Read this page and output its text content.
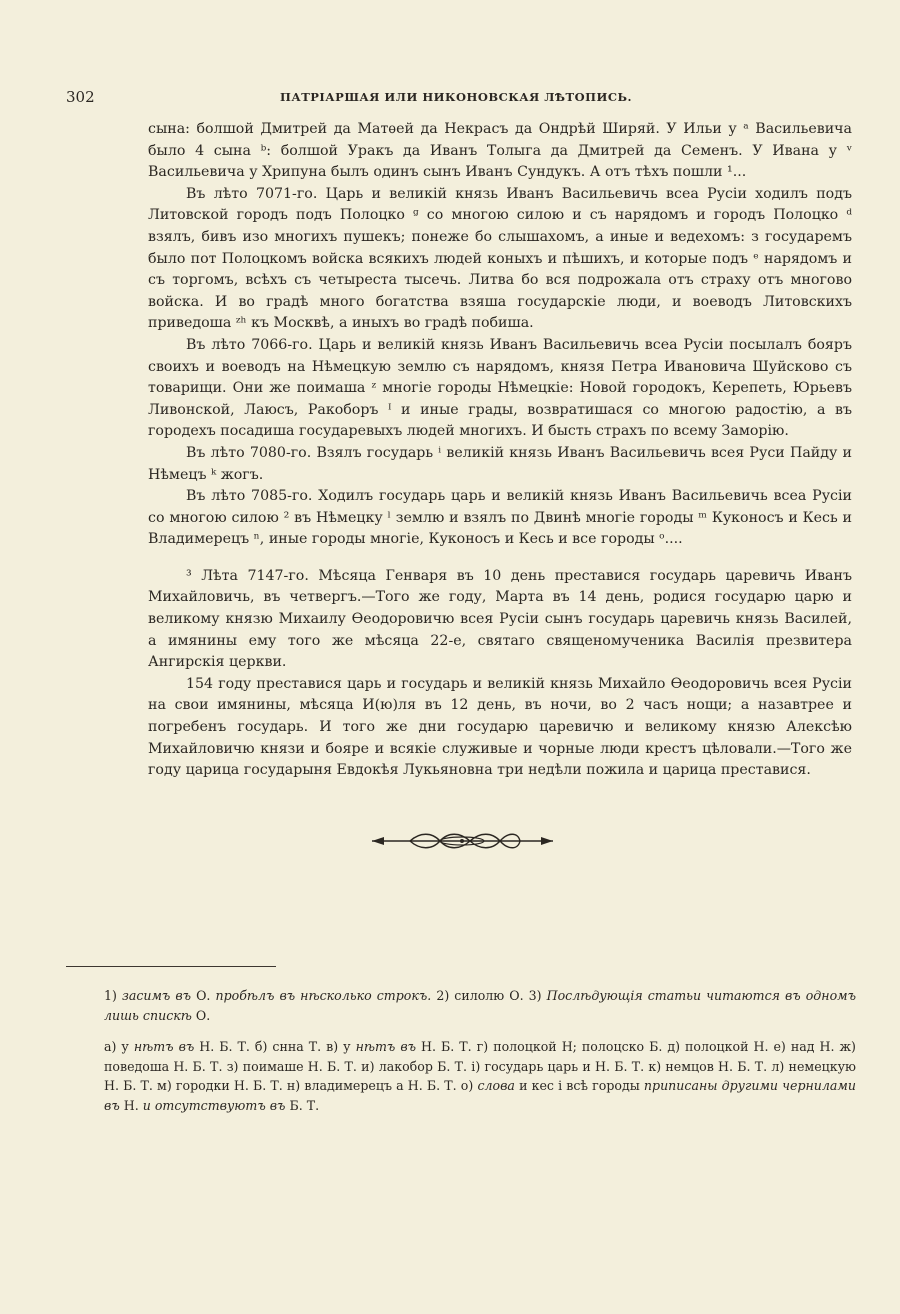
302	ПАТРІАРШАЯ ИЛИ НИКОНОВСКАЯ ЛѢТОПИСЬ.

сына: болшой Дмитрей да Матѳей да Некрасъ да Ондрѣй Ширяй. У Ильи у ᵃ Васильевича было 4 сына ᵇ: болшой Уракъ да Иванъ Толыга да Дмитрей да Семенъ. У Ивана у ᵛ Васильевича у Хрипуна былъ одинъ сынъ Иванъ Сундукъ. А отъ тѣхъ пошли ¹...

Въ лѣто 7071-го. Царь и великій князь Иванъ Васильевичь всеа Русіи ходилъ подъ Литовской городъ подъ Полоцко ᵍ со многою силою и съ нарядомъ и городъ Полоцко ᵈ взялъ, бивъ изо многихъ пушекъ; понеже бо слышахомъ, а иные и ведехомъ: з государемъ было пот Полоцкомъ войска всякихъ людей коныхъ и пѣшихъ, и которые подъ ᵉ нарядомъ и съ торгомъ, всѣхъ съ четыреста тысечь. Литва бо вся подрожала отъ страху отъ многово войска. И во градѣ много богатства взяша государскіе люди, и воеводъ Литовскихъ приведоша ᶻʰ къ Москвѣ, а иныхъ во градѣ побиша.

Въ лѣто 7066-го. Царь и великій князь Иванъ Васильевичь всеа Русіи посылалъ бояръ своихъ и воеводъ на Нѣмецкую землю съ нарядомъ, князя Петра Ивановича Шуйсково съ товарищи. Они же поимаша ᶻ многіе городы Нѣмецкіе: Новой городокъ, Керепеть, Юрьевъ Ливонской, Лаюсъ, Ракоборъ ᴵ и иные грады, возвратишася со многою радостію, а въ городехъ посадиша государевыхъ людей многихъ. И бысть страхъ по всему Заморію.

Въ лѣто 7080-го. Взялъ государь ⁱ великій князь Иванъ Васильевичь всея Руси Пайду и Нѣмецъ ᵏ жогъ.

Въ лѣто 7085-го. Ходилъ государь царь и великій князь Иванъ Васильевичь всеа Русіи со многою силою ² въ Нѣмецку ˡ землю и взялъ по Двинѣ многіе городы ᵐ Куконосъ и Кесь и Владимерецъ ⁿ, иные городы многіе, Куконосъ и Кесь и все городы ᵒ....

³ Лѣта 7147-го. Мѣсяца Генваря въ 10 день преставися государь царевичь Иванъ Михайловичь, въ четвергъ.—Того же году, Марта въ 14 день, родися государю царю и великому князю Михаилу Ѳеодоровичю всея Русіи сынъ государь царевичь князь Василей, а имянины ему того же мѣсяца 22-е, святаго священомученика Василія презвитера Ангирскія церкви.

154 году преставися царь и государь и великій князь Михайло Ѳеодоровичь всея Русіи на свои имянины, мѣсяца И(ю)ля въ 12 день, въ ночи, во 2 часъ нощи; а назавтрее и погребенъ государь. И того же дни государю царевичю и великому князю Алексѣю Михайловичю князи и бояре и всякіе служивые и чорные люди крестъ цѣловали.—Того же году царица государыня Евдокѣя Лукьяновна три недѣли пожила и царица преставися.

1) засимъ въ О. пробѣлъ въ нѣсколько строкъ. 2) силолю О. 3) Послѣдующія статьи читаются въ одномъ лишь спискѣ О.

а) у нѣтъ въ Н. Б. Т. б) снна Т. в) у нѣтъ въ Н. Б. Т. г) полоцкой Н; полоцско Б. д) полоцкой Н. е) над Н. ж) поведоша Н. Б. Т. з) поимаше Н. Б. Т. и) лакобор Б. Т. і) государь царь и Н. Б. Т. к) немцов Н. Б. Т. л) немецкую Н. Б. Т. м) городки Н. Б. Т. н) владимерецъ а Н. Б. Т. о) слова и кес і всѣ городы приписаны другими чернилами въ Н. и отсутствуютъ въ Б. Т.
